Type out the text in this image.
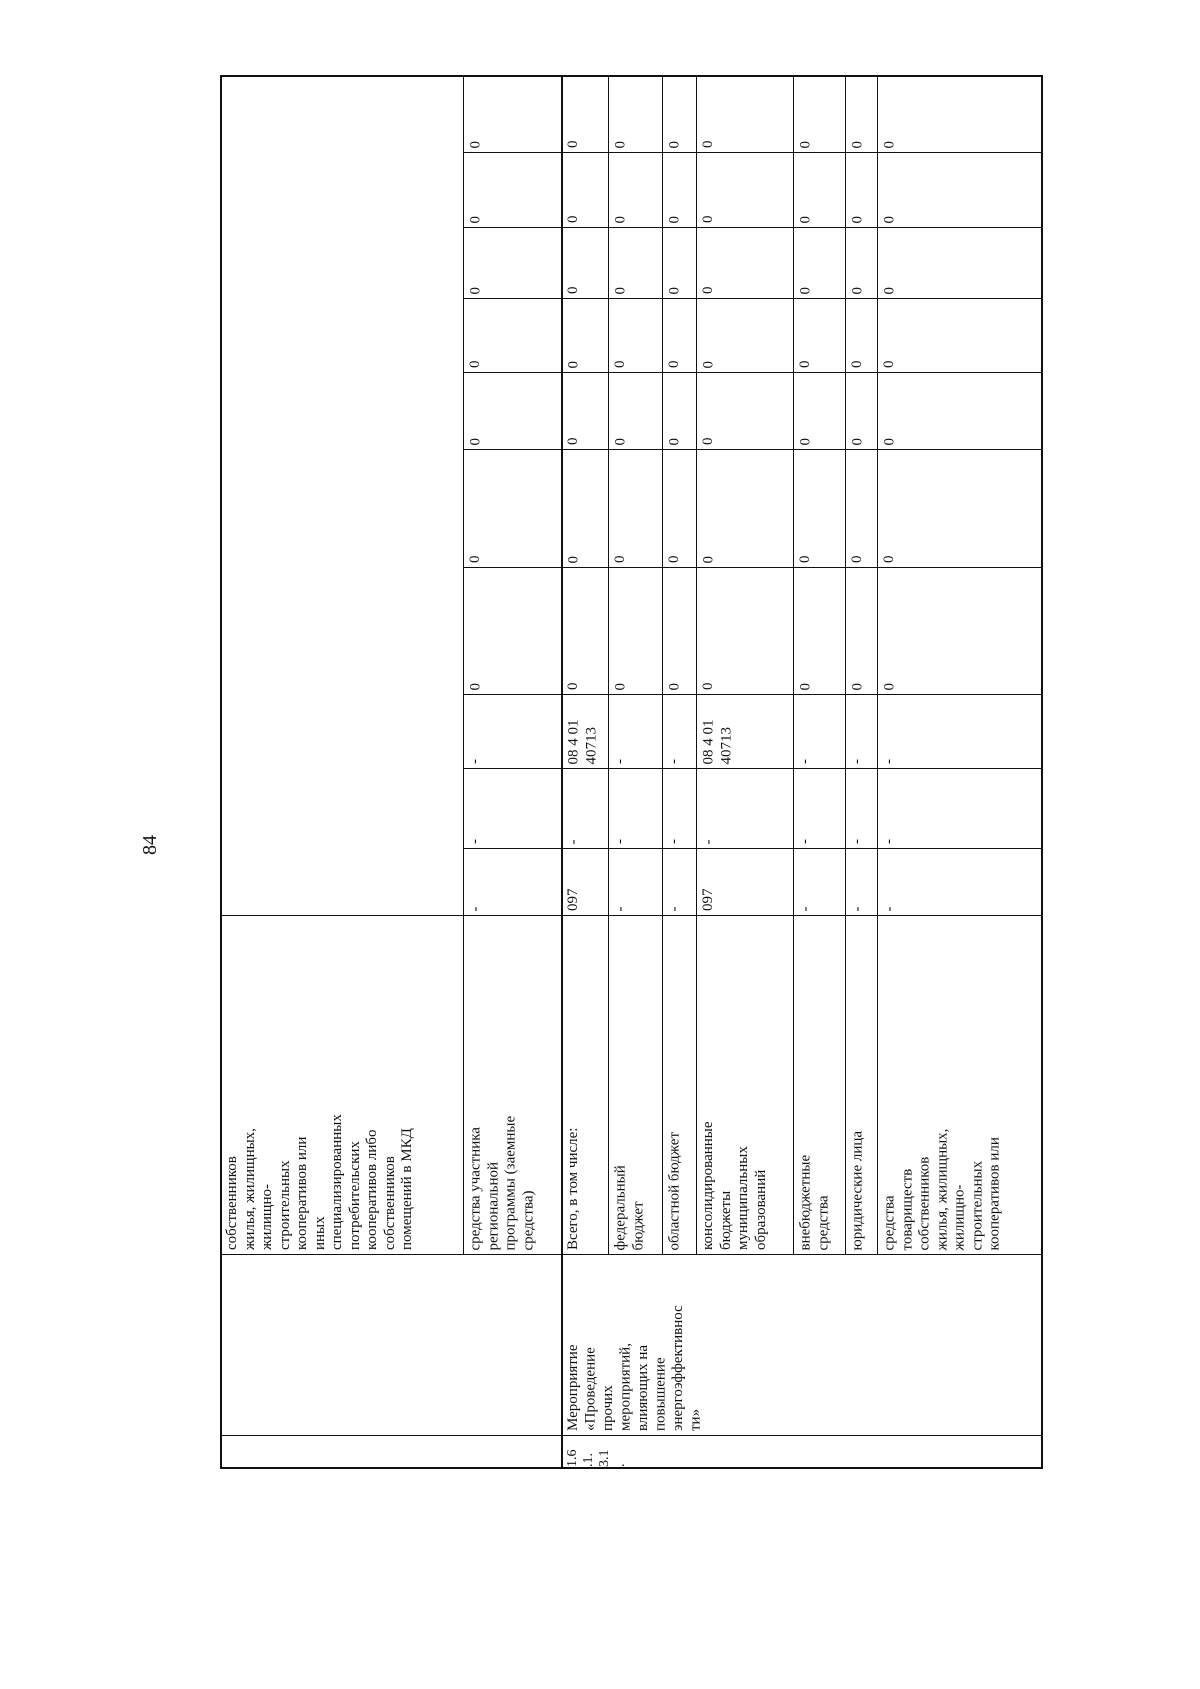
84
собственников
жилья, жилищных,
жилищно-
строительных
кооперативов или
иных
специализированных
потребительских
кооперативов либо
собственников
помещений в МКД
средства участника
региональной
программы (заемные
средства)
-
-
-
0
0
0
0
0
0
0
Всего, в том числе:
097
-
08 4 01
40713
0
0
0
0
0
0
0
федеральный
бюджет
-
-
-
0
0
0
0
0
0
0
областной бюджет
-
-
-
0
0
0
0
0
0
0
консолидированные
бюджеты
муниципальных
образований
097
-
08 4 01
40713
0
0
0
0
0
0
0
внебюджетные
средства
-
-
-
0
0
0
0
0
0
0
юридические лица
-
-
-
0
0
0
0
0
0
0
средства
товариществ
собственников
жилья, жилищных,
жилищно-
строительных
кооперативов или
-
-
-
0
0
0
0
0
0
0
1.6
.1.
3.1
.
Мероприятие
«Проведение
прочих
мероприятий,
влияющих на
повышение
энергоэффективнос
ти»
